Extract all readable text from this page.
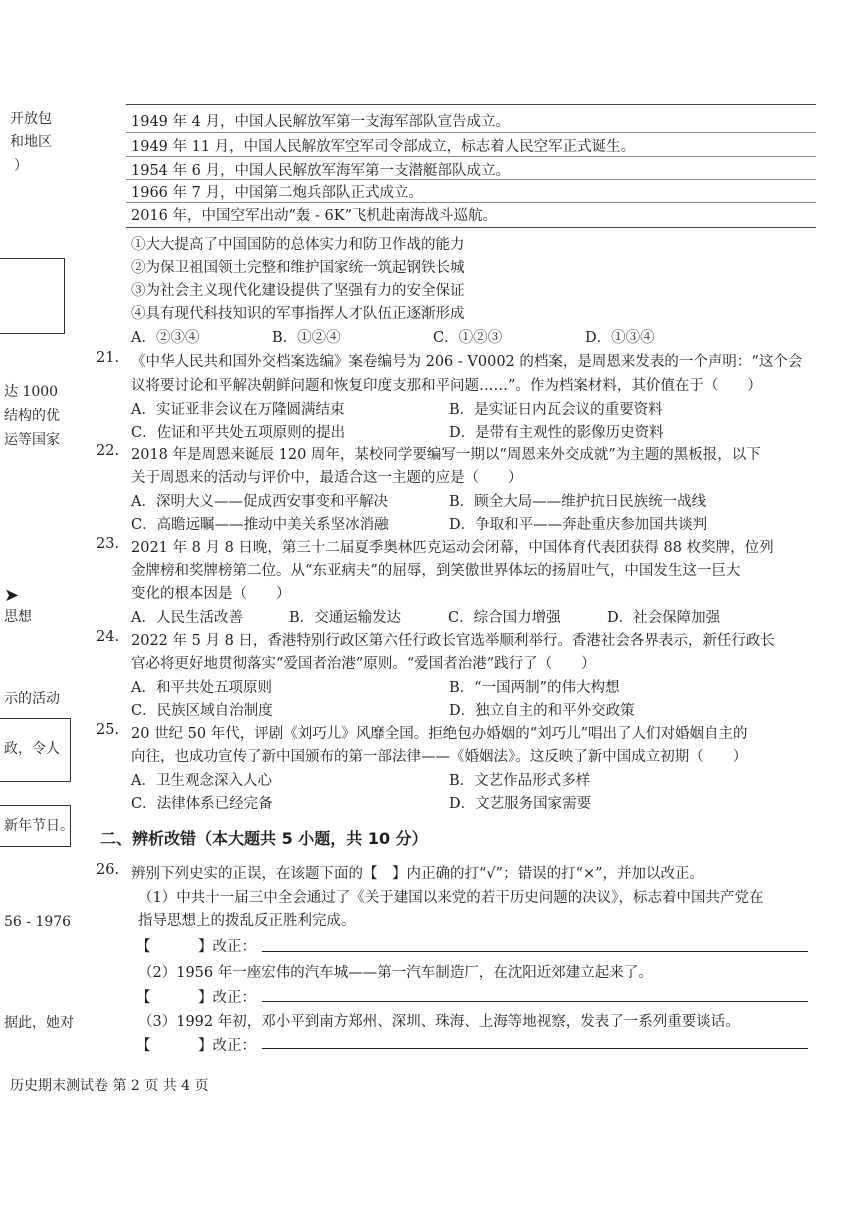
开放包
和地区
）
达 1000
结构的优
运等国家
➤
思想
示的活动
政，令人
新年节日。
56 - 1976
据此，她对
1949 年 4 月，中国人民解放军第一支海军部队宣告成立。
1949 年 11 月，中国人民解放军空军司令部成立，标志着人民空军正式诞生。
1954 年 6 月，中国人民解放军海军第一支潜艇部队成立。
1966 年 7 月，中国第二炮兵部队正式成立。
2016 年，中国空军出动“轰 - 6K”飞机赴南海战斗巡航。
①大大提高了中国国防的总体实力和防卫作战的能力
②为保卫祖国领土完整和维护国家统一筑起钢铁长城
③为社会主义现代化建设提供了坚强有力的安全保证
④具有现代科技知识的军事指挥人才队伍正逐渐形成
A．②③④	B．①②④	C．①②③	D．①③④
21. 《中华人民共和国外交档案选编》案卷编号为 206 - V0002 的档案，是周恩来发表的一个声明：“这个会
议将要讨论和平解决朝鲜问题和恢复印度支那和平问题……”。作为档案材料，其价值在于（　　）
A．实证亚非会议在万隆圆满结束	B．是实证日内瓦会议的重要资料
C．佐证和平共处五项原则的提出	D．是带有主观性的影像历史资料
22. 2018 年是周恩来诞辰 120 周年，某校同学要编写一期以“周恩来外交成就”为主题的黑板报，以下
关于周恩来的活动与评价中，最适合这一主题的应是（　　）
A．深明大义——促成西安事变和平解决	B．顾全大局——维护抗日民族统一战线
C．高瞻远瞩——推动中美关系坚冰消融	D．争取和平——奔赴重庆参加国共谈判
23. 2021 年 8 月 8 日晚，第三十二届夏季奥林匹克运动会闭幕，中国体育代表团获得 88 枚奖牌，位列
金牌榜和奖牌榜第二位。从“东亚病夫”的屈辱，到笑傲世界体坛的扬眉吐气，中国发生这一巨大
变化的根本因是（　　）
A．人民生活改善	B．交通运输发达	C．综合国力增强	D．社会保障加强
24. 2022 年 5 月 8 日，香港特别行政区第六任行政长官选举顺利举行。香港社会各界表示，新任行政长
官必将更好地贯彻落实“爱国者治港”原则。“爱国者治港”践行了（　　）
A．和平共处五项原则	B．“一国两制”的伟大构想
C．民族区域自治制度	D．独立自主的和平外交政策
25. 20 世纪 50 年代，评剧《刘巧儿》风靡全国。拒绝包办婚姻的“刘巧儿”唱出了人们对婚姻自主的
向往，也成功宣传了新中国颁布的第一部法律——《婚姻法》。这反映了新中国成立初期（　　）
A．卫生观念深入人心	B．文艺作品形式多样
C．法律体系已经完备	D．文艺服务国家需要
二、辨析改错（本大题共 5 小题，共 10 分）
26. 辨别下列史实的正误，在该题下面的【　】内正确的打“√”；错误的打“×”，并加以改正。
（1）中共十一届三中全会通过了《关于建国以来党的若干历史问题的决议》，标志着中国共产党在
指导思想上的拨乱反正胜利完成。
【	】改正：
（2）1956 年一座宏伟的汽车城——第一汽车制造厂，在沈阳近郊建立起来了。
【	】改正：
（3）1992 年初，邓小平到南方郑州、深圳、珠海、上海等地视察，发表了一系列重要谈话。
【	】改正：
历史期末测试卷 第 2 页 共 4 页
